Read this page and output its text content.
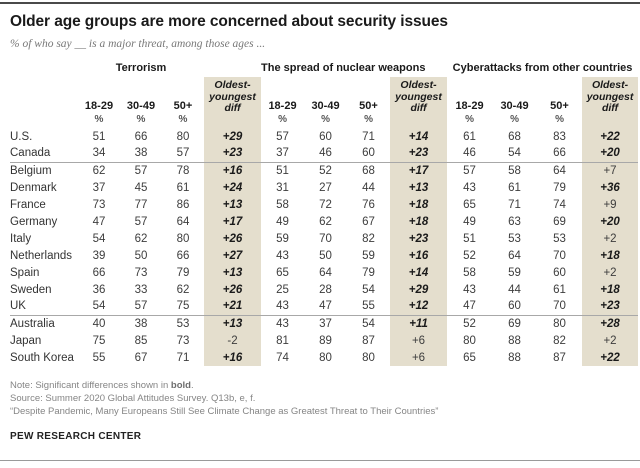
Older age groups are more concerned about security issues
% of who say __ is a major threat, among those ages ...
	Terrorism				The spread of nuclear weapons				Cyberattacks from other countries			
	18-29	30-49	50+	Oldest-youngest diff	18-29	30-49	50+	Oldest-youngest diff	18-29	30-49	50+	Oldest-youngest diff
	%	%	%		%	%	%		%	%	%	
U.S.	51	66	80	+29	57	60	71	+14	61	68	83	+22
Canada	34	38	57	+23	37	46	60	+23	46	54	66	+20
Belgium	62	57	78	+16	51	52	68	+17	57	58	64	+7
Denmark	37	45	61	+24	31	27	44	+13	43	61	79	+36
France	73	77	86	+13	58	72	76	+18	65	71	74	+9
Germany	47	57	64	+17	49	62	67	+18	49	63	69	+20
Italy	54	62	80	+26	59	70	82	+23	51	53	53	+2
Netherlands	39	50	66	+27	43	50	59	+16	52	64	70	+18
Spain	66	73	79	+13	65	64	79	+14	58	59	60	+2
Sweden	36	33	62	+26	25	28	54	+29	43	44	61	+18
UK	54	57	75	+21	43	47	55	+12	47	60	70	+23
Australia	40	38	53	+13	43	37	54	+11	52	69	80	+28
Japan	75	85	73	-2	81	89	87	+6	80	88	82	+2
South Korea	55	67	71	+16	74	80	80	+6	65	88	87	+22
Note: Significant differences shown in bold.
Source: Summer 2020 Global Attitudes Survey. Q13b, e, f.
“Despite Pandemic, Many Europeans Still See Climate Change as Greatest Threat to Their Countries”
PEW RESEARCH CENTER
